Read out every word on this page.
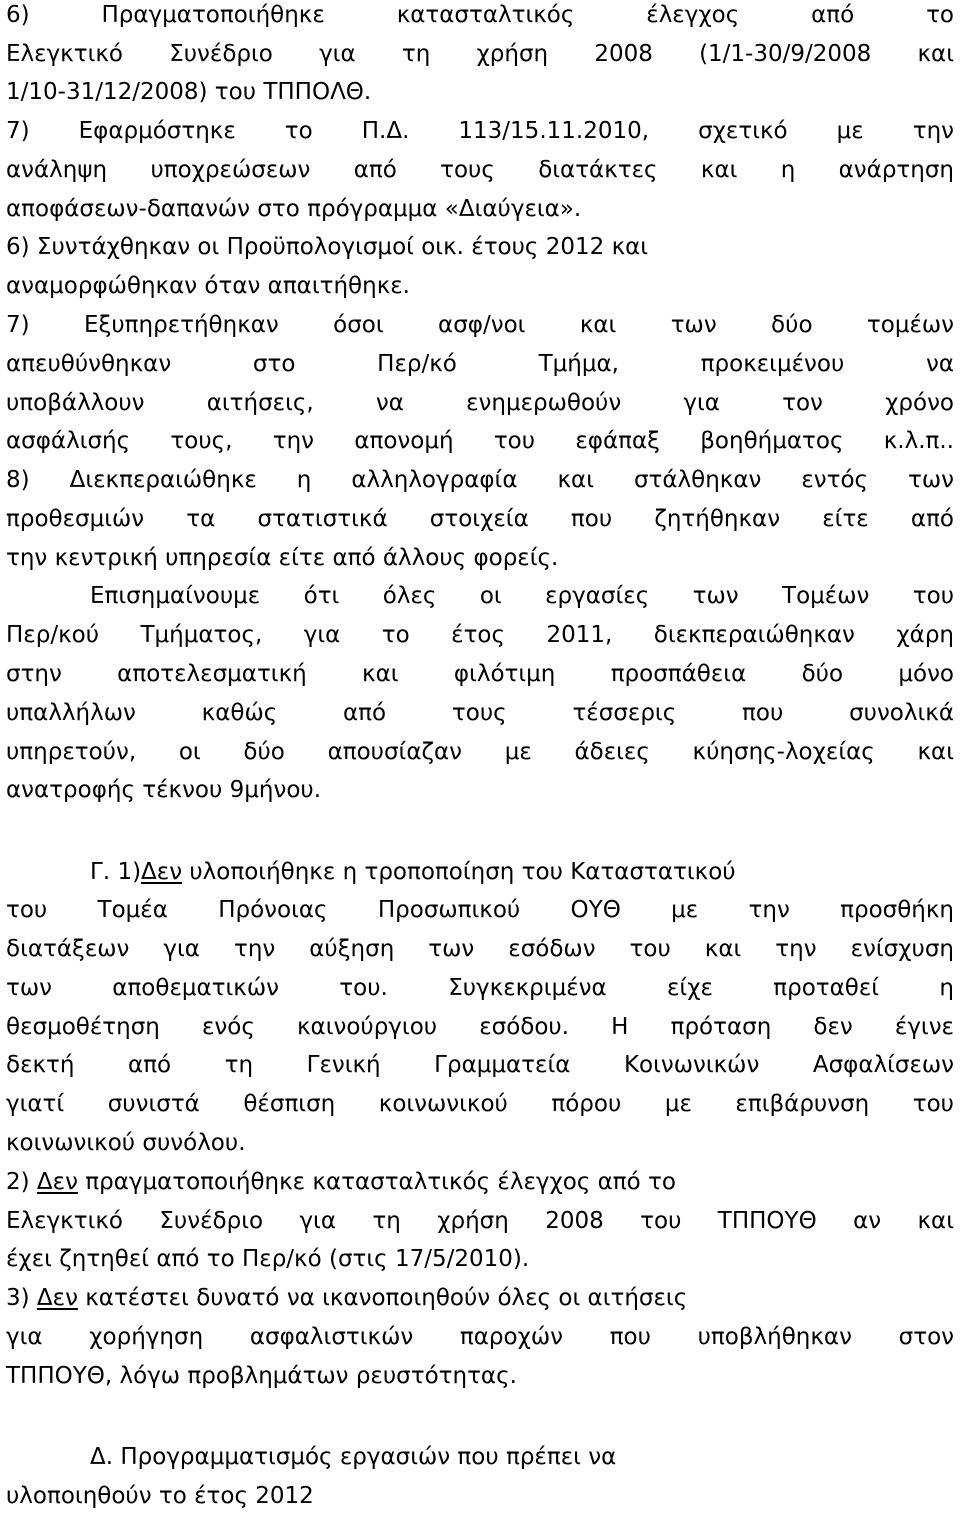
6) Πραγματοποιήθηκε κατασταλτικός έλεγχος από το
Ελεγκτικό Συνέδριο για τη χρήση 2008 (1/1-30/9/2008 και
1/10-31/12/2008) του ΤΠΠΟΛΘ.
7) Εφαρμόστηκε το Π.Δ. 113/15.11.2010, σχετικό με την
ανάληψη υποχρεώσεων από τους διατάκτες και η ανάρτηση
αποφάσεων-δαπανών στο πρόγραμμα «Διαύγεια».
6) Συντάχθηκαν οι Προϋπολογισμοί οικ. έτους 2012 και
αναμορφώθηκαν όταν απαιτήθηκε.
7) Εξυπηρετήθηκαν όσοι ασφ/νοι και των δύο τομέων
απευθύνθηκαν στο Περ/κό Τμήμα, προκειμένου να
υποβάλλουν αιτήσεις, να ενημερωθούν για τον χρόνο
ασφάλισής τους, την απονομή του εφάπαξ βοηθήματος κ.λ.π..
8) Διεκπεραιώθηκε η αλληλογραφία και στάλθηκαν εντός των
προθεσμιών τα στατιστικά στοιχεία που ζητήθηκαν είτε από
την κεντρική υπηρεσία είτε από άλλους φορείς.
Επισημαίνουμε ότι όλες οι εργασίες των Τομέων του
Περ/κού Τμήματος, για το έτος 2011, διεκπεραιώθηκαν χάρη
στην αποτελεσματική και φιλότιμη προσπάθεια δύο μόνο
υπαλλήλων καθώς από τους τέσσερις που συνολικά
υπηρετούν, οι δύο απουσίαζαν με άδειες κύησης-λοχείας και
ανατροφής τέκνου 9μήνου.
Γ. 1)Δεν υλοποιήθηκε η τροποποίηση του Καταστατικού
του Τομέα Πρόνοιας Προσωπικού ΟΥΘ με την προσθήκη
διατάξεων για την αύξηση των εσόδων του και την ενίσχυση
των αποθεματικών του. Συγκεκριμένα είχε προταθεί η
θεσμοθέτηση ενός καινούργιου εσόδου. Η πρόταση δεν έγινε
δεκτή από τη Γενική Γραμματεία Κοινωνικών Ασφαλίσεων
γιατί συνιστά θέσπιση κοινωνικού πόρου με επιβάρυνση του
κοινωνικού συνόλου.
2) Δεν πραγματοποιήθηκε κατασταλτικός έλεγχος από το
Ελεγκτικό Συνέδριο για τη χρήση 2008 του ΤΠΠΟΥΘ αν και
έχει ζητηθεί από το Περ/κό (στις 17/5/2010).
3) Δεν κατέστει δυνατό να ικανοποιηθούν όλες οι αιτήσεις
για χορήγηση ασφαλιστικών παροχών που υποβλήθηκαν στον
ΤΠΠΟΥΘ, λόγω προβλημάτων ρευστότητας.
Δ. Προγραμματισμός εργασιών που πρέπει να
υλοποιηθούν το έτος 2012
